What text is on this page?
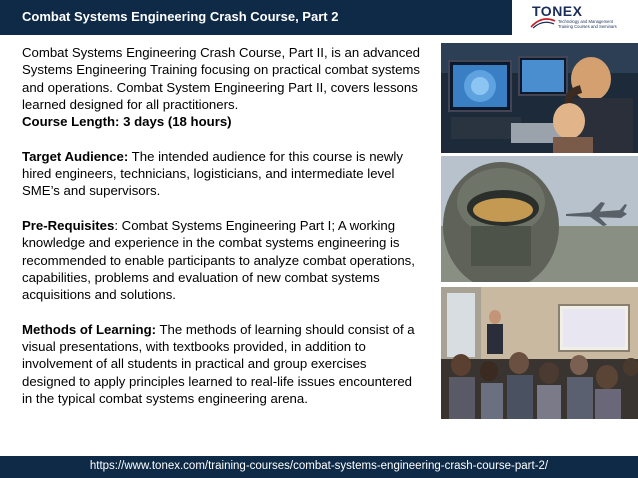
Combat Systems Engineering Crash Course, Part 2	TONEX
Technology and Management
Training Courses and Seminars
Combat Systems Engineering Crash Course, Part II, is an advanced Systems Engineering Training focusing on practical combat systems and operations. Combat System Engineering Part II, covers lessons learned designed for all practitioners.
Course Length: 3 days (18 hours)
Target Audience: The intended audience for this course is newly hired engineers, technicians, logisticians, and intermediate level SME’s and supervisors.
Pre-Requisites: Combat Systems Engineering Part I; A working knowledge and experience in the combat systems engineering is recommended to enable participants to analyze combat operations, capabilities, problems and evaluation of new combat systems acquisitions and solutions.
Methods of Learning: The methods of learning should consist of a visual presentations, with textbooks provided, in addition to involvement of all students in practical and group exercises designed to apply principles learned to real-life issues encountered in the typical combat systems engineering arena.
https://www.tonex.com/training-courses/combat-systems-engineering-crash-course-part-2/
